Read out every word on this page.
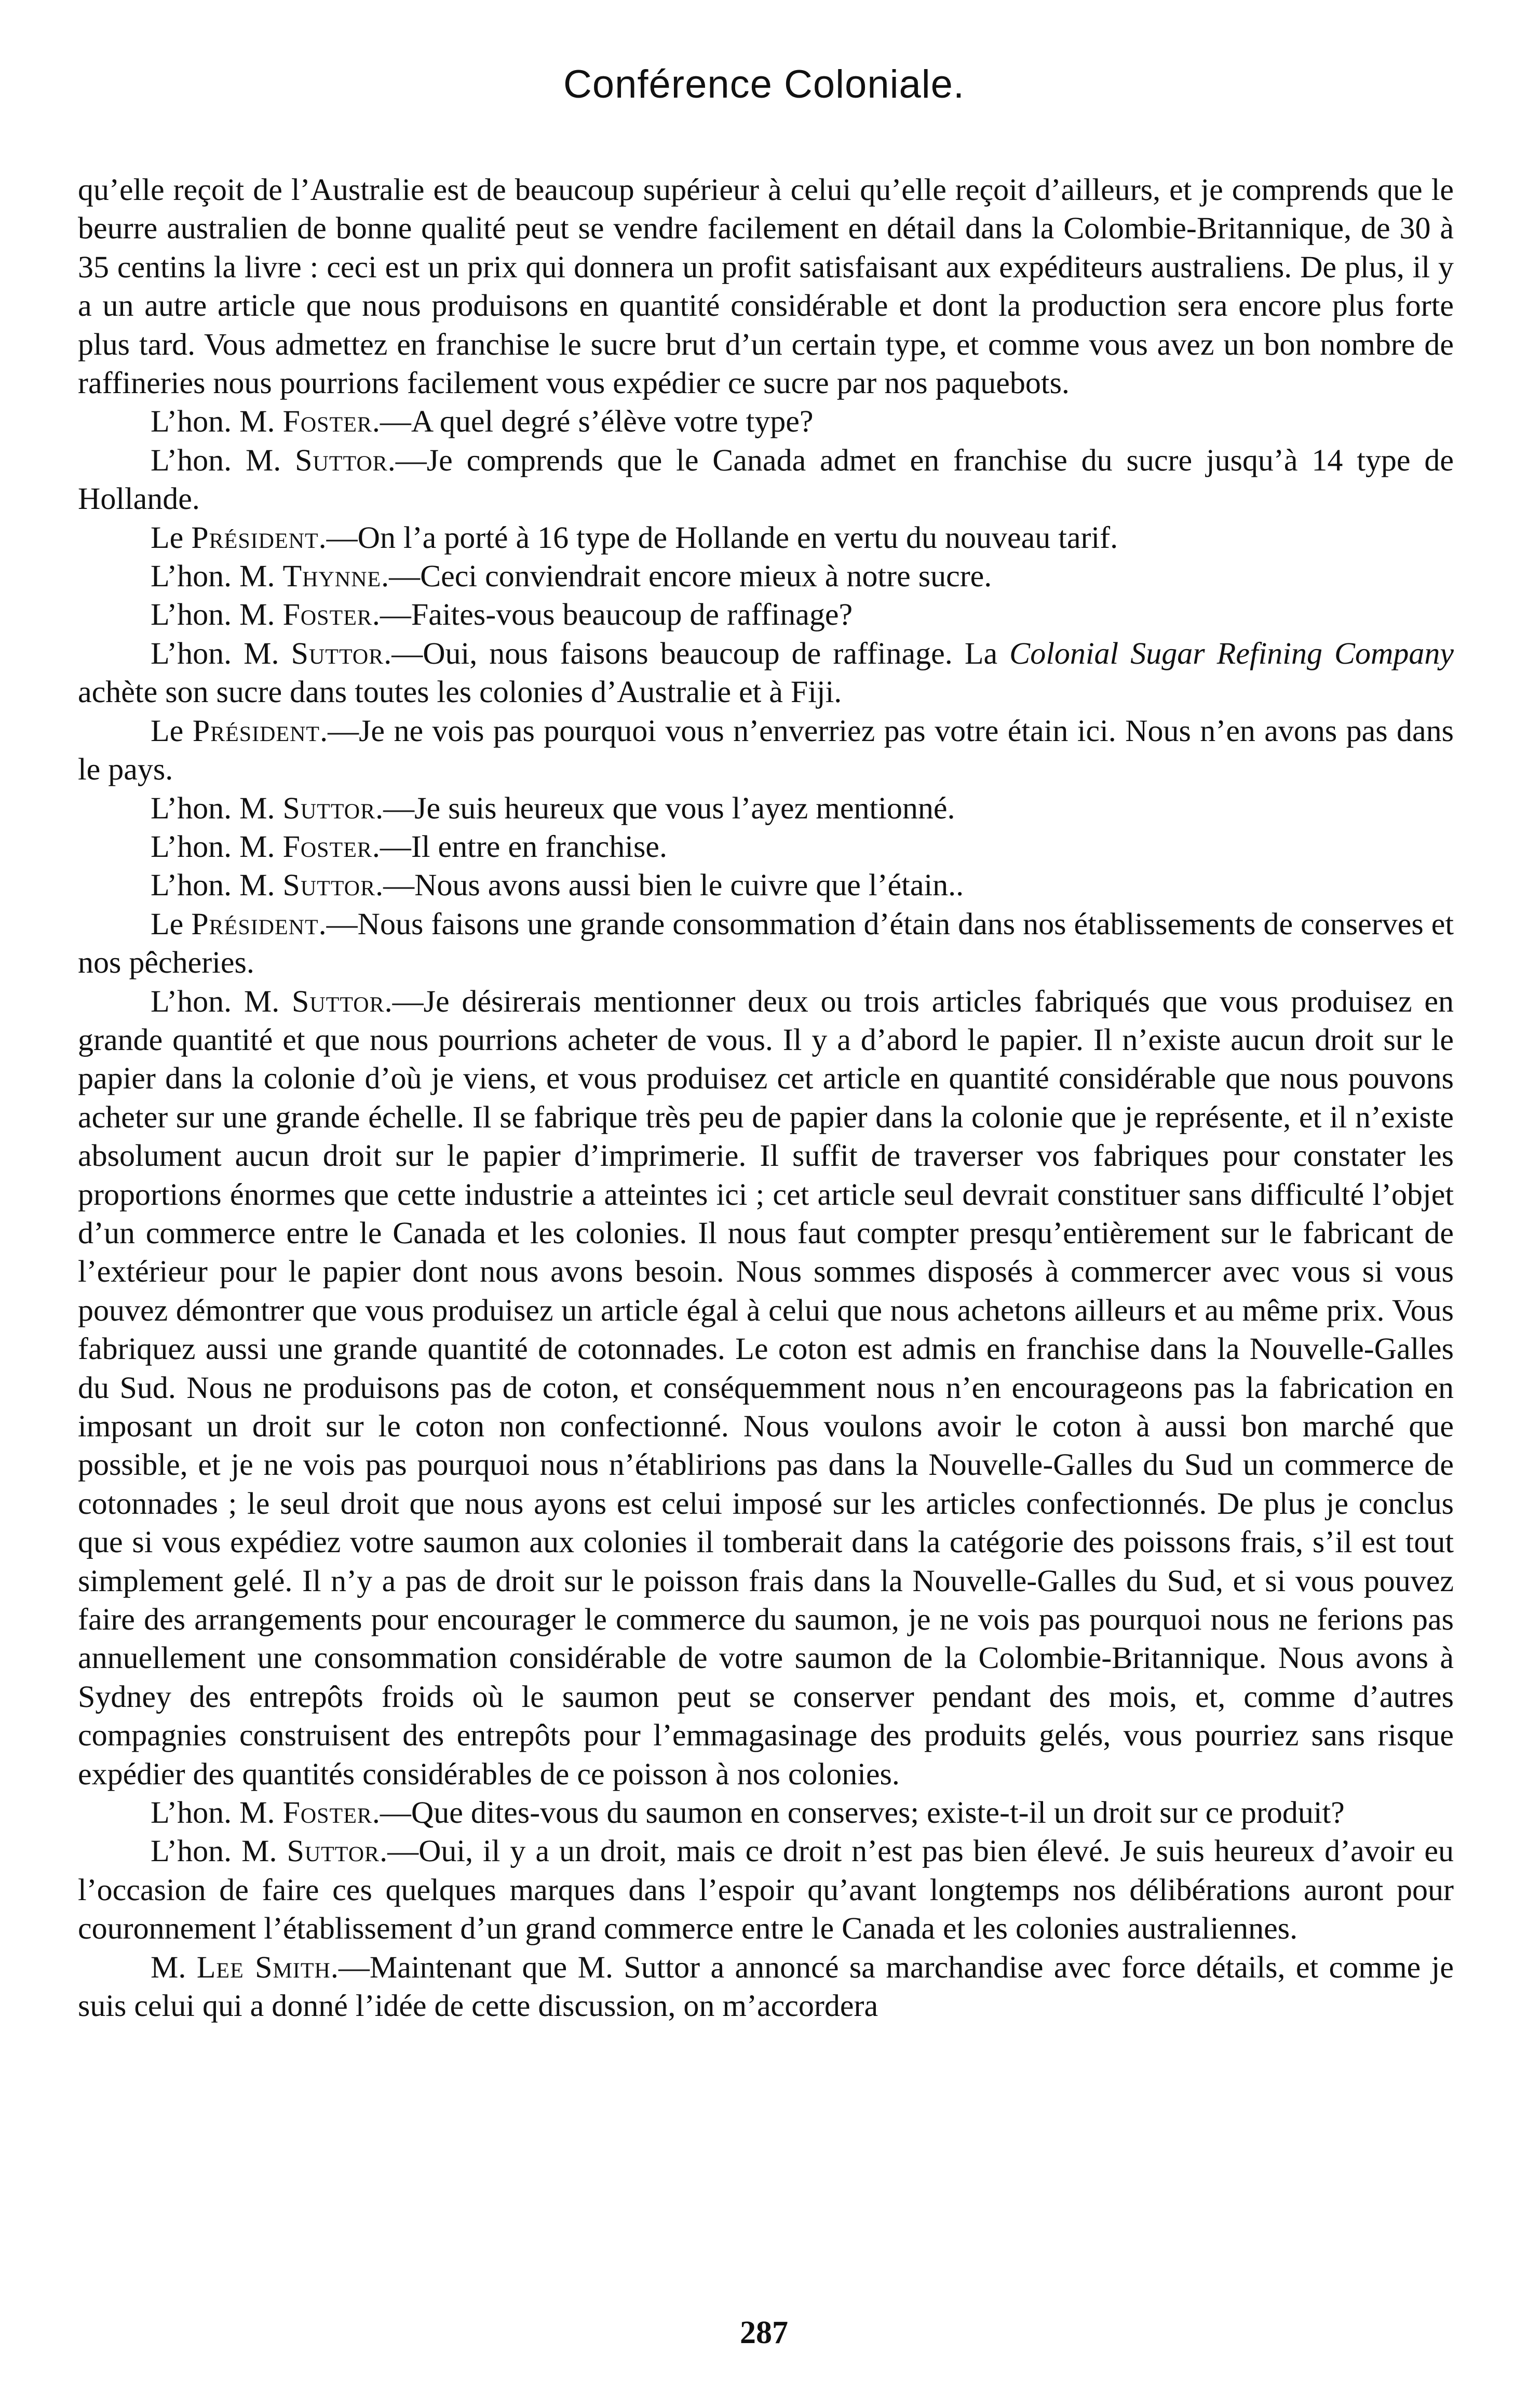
Conférence Coloniale.

qu’elle reçoit de l’Australie est de beaucoup supérieur à celui qu’elle reçoit d’ailleurs, et je comprends que le beurre australien de bonne qualité peut se vendre facilement en détail dans la Colombie-Britannique, de 30 à 35 centins la livre : ceci est un prix qui donnera un profit satisfaisant aux expéditeurs australiens. De plus, il y a un autre article que nous produisons en quantité considérable et dont la production sera encore plus forte plus tard. Vous admettez en franchise le sucre brut d’un certain type, et comme vous avez un bon nombre de raffineries nous pourrions facilement vous expédier ce sucre par nos paquebots.

L’hon. M. Foster.—A quel degré s’élève votre type?

L’hon. M. Suttor.—Je comprends que le Canada admet en franchise du sucre jusqu’à 14 type de Hollande.

Le Président.—On l’a porté à 16 type de Hollande en vertu du nouveau tarif.

L’hon. M. Thynne.—Ceci conviendrait encore mieux à notre sucre.

L’hon. M. Foster.—Faites-vous beaucoup de raffinage?

L’hon. M. Suttor.—Oui, nous faisons beaucoup de raffinage. La Colonial Sugar Refining Company achète son sucre dans toutes les colonies d’Australie et à Fiji.

Le Président.—Je ne vois pas pourquoi vous n’enverriez pas votre étain ici. Nous n’en avons pas dans le pays.

L’hon. M. Suttor.—Je suis heureux que vous l’ayez mentionné.

L’hon. M. Foster.—Il entre en franchise.

L’hon. M. Suttor.—Nous avons aussi bien le cuivre que l’étain..

Le Président.—Nous faisons une grande consommation d’étain dans nos établissements de conserves et nos pêcheries.

L’hon. M. Suttor.—Je désirerais mentionner deux ou trois articles fabriqués que vous produisez en grande quantité et que nous pourrions acheter de vous. Il y a d’abord le papier. Il n’existe aucun droit sur le papier dans la colonie d’où je viens, et vous produisez cet article en quantité considérable que nous pouvons acheter sur une grande échelle. Il se fabrique très peu de papier dans la colonie que je représente, et il n’existe absolument aucun droit sur le papier d’imprimerie. Il suffit de traverser vos fabriques pour constater les proportions énormes que cette industrie a atteintes ici ; cet article seul devrait constituer sans difficulté l’objet d’un commerce entre le Canada et les colonies. Il nous faut compter presqu’entièrement sur le fabricant de l’extérieur pour le papier dont nous avons besoin. Nous sommes disposés à commercer avec vous si vous pouvez démontrer que vous produisez un article égal à celui que nous achetons ailleurs et au même prix. Vous fabriquez aussi une grande quantité de cotonnades. Le coton est admis en franchise dans la Nouvelle-Galles du Sud. Nous ne produisons pas de coton, et conséquemment nous n’en encourageons pas la fabrication en imposant un droit sur le coton non confectionné. Nous voulons avoir le coton à aussi bon marché que possible, et je ne vois pas pourquoi nous n’établirions pas dans la Nouvelle-Galles du Sud un commerce de cotonnades ; le seul droit que nous ayons est celui imposé sur les articles confectionnés. De plus je conclus que si vous expédiez votre saumon aux colonies il tomberait dans la catégorie des poissons frais, s’il est tout simplement gelé. Il n’y a pas de droit sur le poisson frais dans la Nouvelle-Galles du Sud, et si vous pouvez faire des arrangements pour encourager le commerce du saumon, je ne vois pas pourquoi nous ne ferions pas annuellement une consommation considérable de votre saumon de la Colombie-Britannique. Nous avons à Sydney des entrepôts froids où le saumon peut se conserver pendant des mois, et, comme d’autres compagnies construisent des entrepôts pour l’emmagasinage des produits gelés, vous pourriez sans risque expédier des quantités considérables de ce poisson à nos colonies.

L’hon. M. Foster.—Que dites-vous du saumon en conserves; existe-t-il un droit sur ce produit?

L’hon. M. Suttor.—Oui, il y a un droit, mais ce droit n’est pas bien élevé. Je suis heureux d’avoir eu l’occasion de faire ces quelques marques dans l’espoir qu’avant longtemps nos délibérations auront pour couronnement l’établissement d’un grand commerce entre le Canada et les colonies australiennes.

M. Lee Smith.—Maintenant que M. Suttor a annoncé sa marchandise avec force détails, et comme je suis celui qui a donné l’idée de cette discussion, on m’accordera

287
